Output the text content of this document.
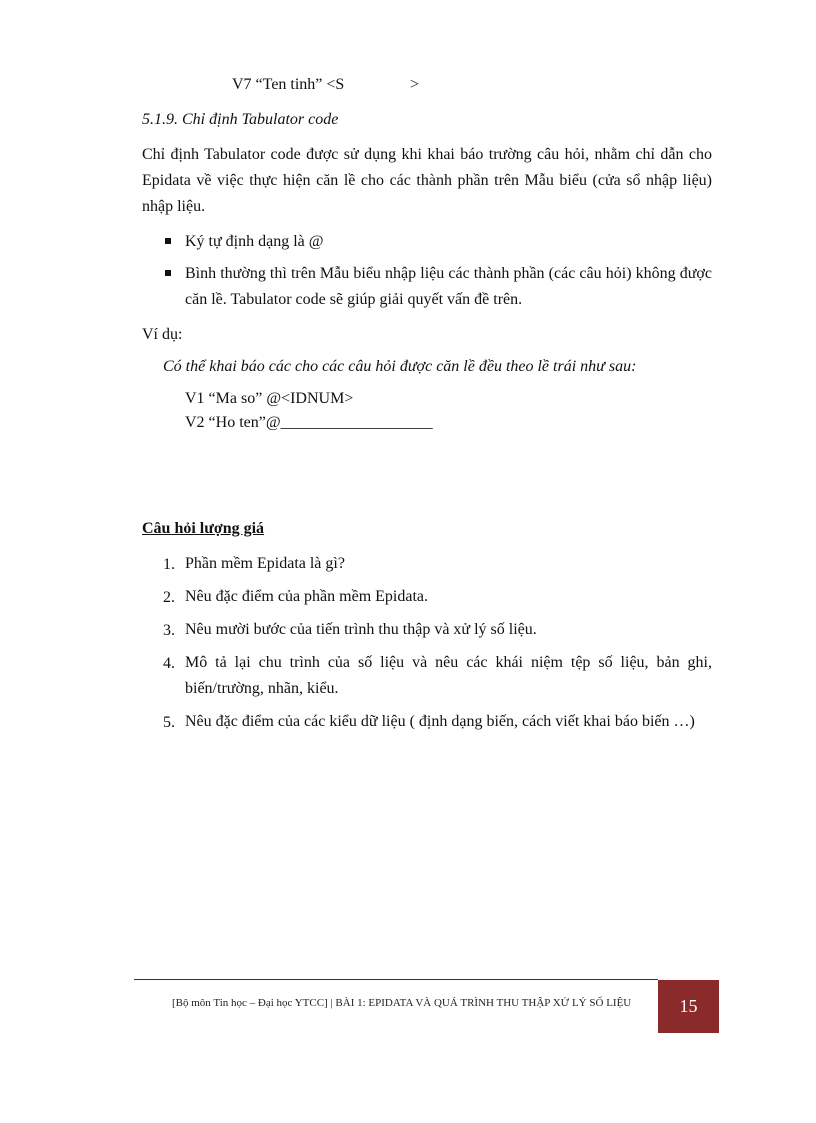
V7 “Ten tinh” <S	>
5.1.9. Chỉ định Tabulator code
Chỉ định Tabulator code được sử dụng khi khai báo trường câu hỏi, nhằm chỉ dẫn cho Epidata về việc thực hiện căn lề cho các thành phần trên Mẫu biểu (cửa sổ nhập liệu) nhập liệu.
Ký tự định dạng là @
Bình thường thì trên Mẫu biểu nhập liệu các thành phần (các câu hỏi) không được căn lề. Tabulator code sẽ giúp giải quyết vấn đề trên.
Ví dụ:
Có thể khai báo các cho các câu hỏi được căn lề đều theo lề trái như sau:
V1 “Ma so” @<IDNUM>
V2 “Ho ten”@___________________
Câu hỏi lượng giá
1. Phần mềm Epidata là gì?
2. Nêu đặc điểm của phần mềm Epidata.
3. Nêu mười bước của tiến trình thu thập và xử lý số liệu.
4. Mô tả lại chu trình của số liệu và nêu các khái niệm tệp số liệu, bản ghi, biến/trường, nhãn, kiểu.
5. Nêu đặc điểm của các kiểu dữ liệu ( định dạng biến, cách viết khai báo biến …)
[Bộ môn Tin học – Đại học YTCC] | BÀI 1: EPIDATA VÀ QUÁ TRÌNH THU THẬP XỬ LÝ SỐ LIỆU	15
